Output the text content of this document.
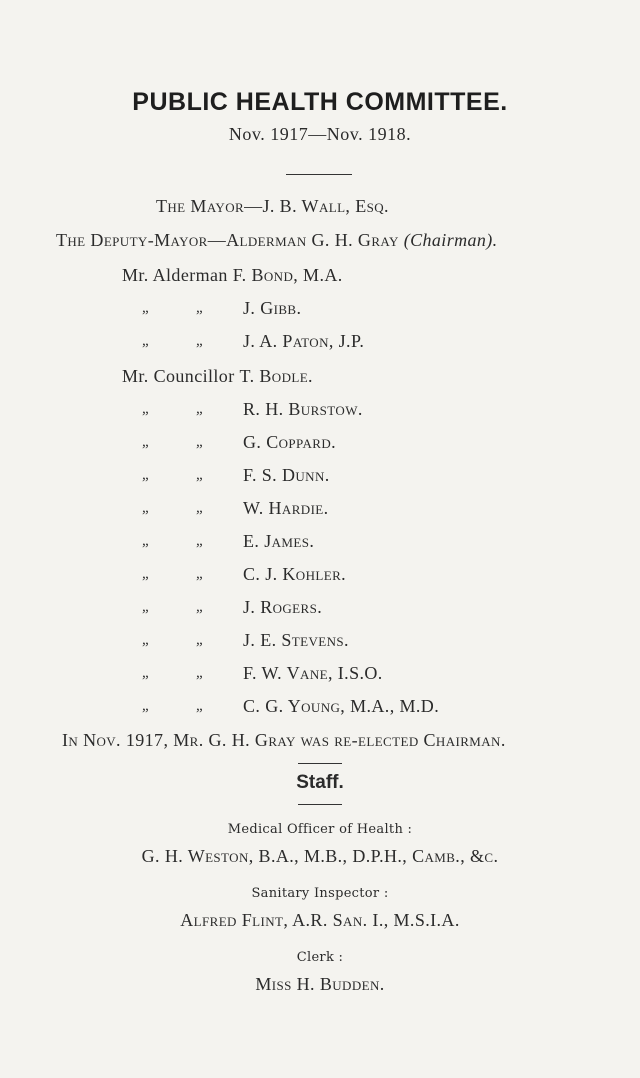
PUBLIC HEALTH COMMITTEE.
Nov. 1917—Nov. 1918.
The Mayor—J. B. Wall, Esq.
The Deputy-Mayor—Alderman G. H. Gray (Chairman).
Mr. Alderman F. Bond, M.A.
„	„ J. Gibb.
„	„ J. A. Paton, J.P.
Mr. Councillor T. Bodle.
„	„ R. H. Burstow.
„	„ G. Coppard.
„	„ F. S. Dunn.
„	„ W. Hardie.
„	„ E. James.
„	„ C. J. Kohler.
„	„ J. Rogers.
„	„ J. E. Stevens.
„	„ F. W. Vane, I.S.O.
„	„ C. G. Young, M.A., M.D.
In Nov. 1917, Mr. G. H. Gray was re-elected Chairman.
Staff.
Medical Officer of Health :
G. H. Weston, B.A., M.B., D.P.H., Camb., &c.
Sanitary Inspector :
Alfred Flint, A.R. San. I., M.S.I.A.
Clerk :
Miss H. Budden.
